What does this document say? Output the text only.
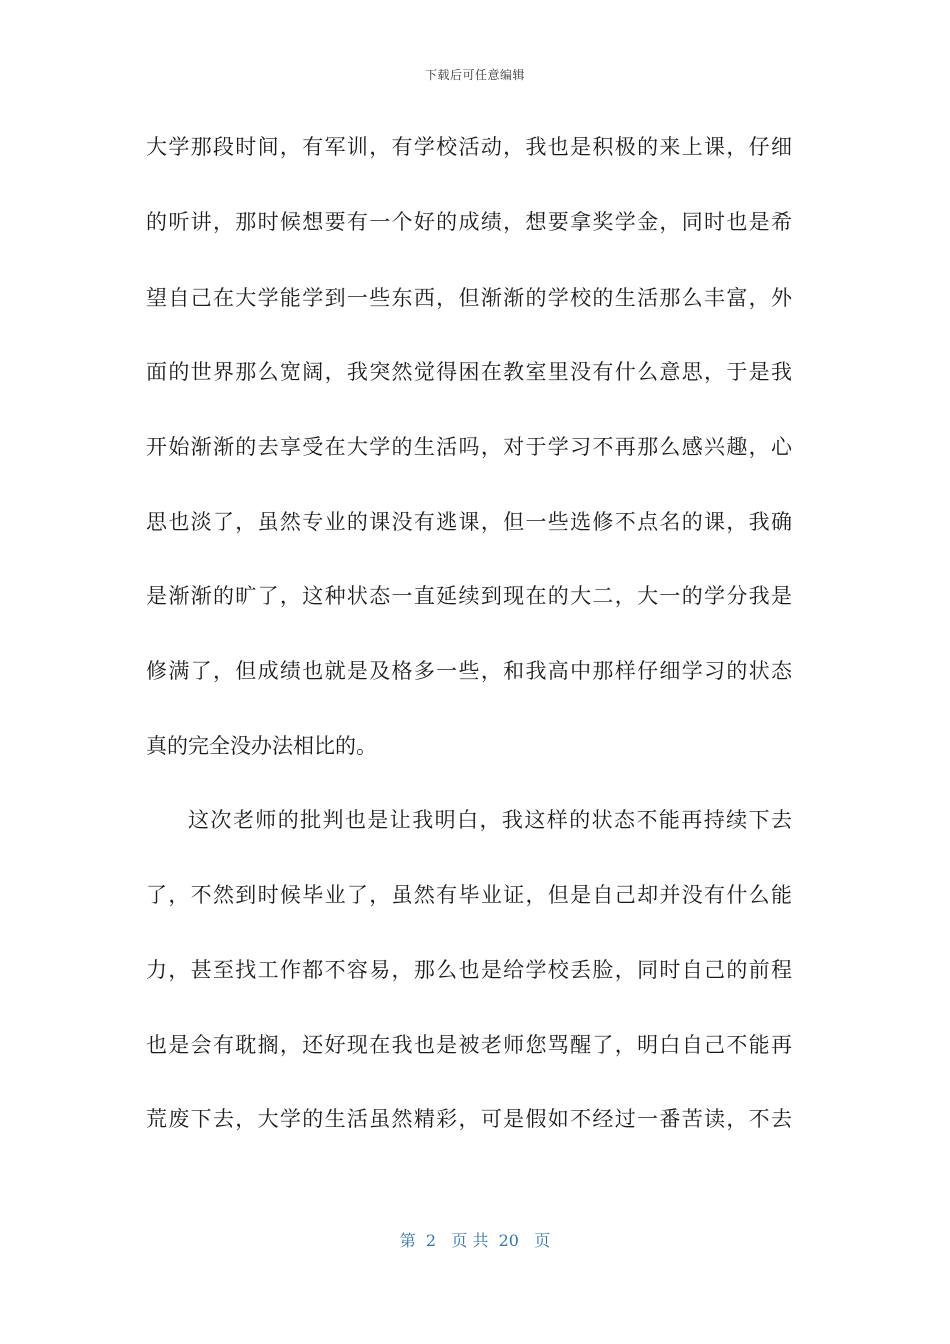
下载后可任意编辑
大学那段时间，有军训，有学校活动，我也是积极的来上课，仔细
的听讲，那时候想要有一个好的成绩，想要拿奖学金，同时也是希
望自己在大学能学到一些东西，但渐渐的学校的生活那么丰富，外
面的世界那么宽阔，我突然觉得困在教室里没有什么意思，于是我
开始渐渐的去享受在大学的生活吗，对于学习不再那么感兴趣，心
思也淡了，虽然专业的课没有逃课，但一些选修不点名的课，我确
是渐渐的旷了，这种状态一直延续到现在的大二，大一的学分我是
修满了，但成绩也就是及格多一些，和我高中那样仔细学习的状态
真的完全没办法相比的。
这次老师的批判也是让我明白，我这样的状态不能再持续下去
了，不然到时候毕业了，虽然有毕业证，但是自己却并没有什么能
力，甚至找工作都不容易，那么也是给学校丢脸，同时自己的前程
也是会有耽搁，还好现在我也是被老师您骂醒了，明白自己不能再
荒废下去，大学的生活虽然精彩，可是假如不经过一番苦读，不去
第  2   页 共  20   页
